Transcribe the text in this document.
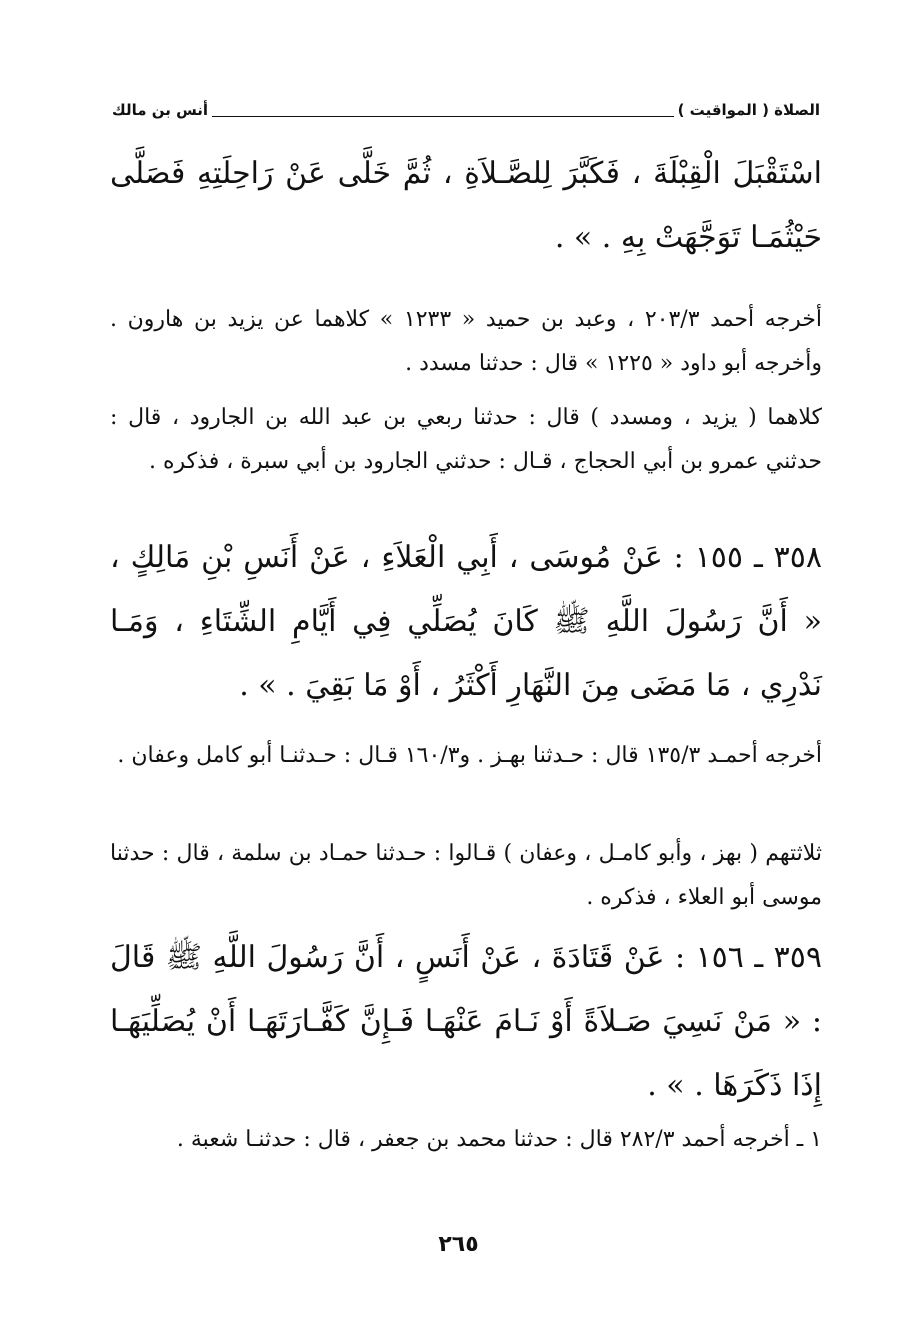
الصلاة ( المواقيت )
أنس بن مالك
اسْتَقْبَلَ الْقِبْلَةَ ، فَكَبَّرَ لِلصَّـلاَةِ ، ثُمَّ خَلَّى عَنْ رَاحِلَتِهِ فَصَلَّى حَيْثُمَـا تَوَجَّهَتْ بِهِ . » .
أخرجه أحمد ٢٠٣/٣ ، وعبد بن حميد « ١٢٣٣ » كلاهما عن يزيد بن هارون . وأخرجه أبو داود « ١٢٢٥ » قال : حدثنا مسدد .
كلاهما ( يزيد ، ومسدد ) قال : حدثنا ربعي بن عبد الله بن الجارود ، قال : حدثني عمرو بن أبي الحجاج ، قـال : حدثني الجارود بن أبي سبرة ، فذكره .
٣٥٨ ـ ١٥٥ : عَنْ مُوسَى ، أَبِي الْعَلاَءِ ، عَنْ أَنَسِ بْنِ مَالِكٍ ، « أَنَّ رَسُولَ اللَّهِ ﷺ كَانَ يُصَلِّي فِي أَيَّامِ الشِّتَاءِ ، وَمَـا نَدْرِي ، مَا مَضَى مِنَ النَّهَارِ أَكْثَرُ ، أَوْ مَا بَقِيَ . » .
أخرجه أحمـد ١٣٥/٣ قال : حـدثنا بهـز . و١٦٠/٣ قـال : حـدثنـا أبو كامل وعفان .
ثلاثتهم ( بهز ، وأبو كامـل ، وعفان ) قـالوا : حـدثنا حمـاد بن سلمة ، قال : حدثنا موسى أبو العلاء ، فذكره .
٣٥٩ ـ ١٥٦ : عَنْ قَتَادَةَ ، عَنْ أَنَسٍ ، أَنَّ رَسُولَ اللَّهِ ﷺ قَالَ : « مَنْ نَسِيَ صَـلاَةً أَوْ نَـامَ عَنْهَـا فَـإِنَّ كَفَّـارَتَهَـا أَنْ يُصَلِّيَهَـا إِذَا ذَكَرَهَا . » .
١ ـ أخرجه أحمد ٢٨٢/٣ قال : حدثنا محمد بن جعفر ، قال : حدثنـا شعبة .
٢٦٥
